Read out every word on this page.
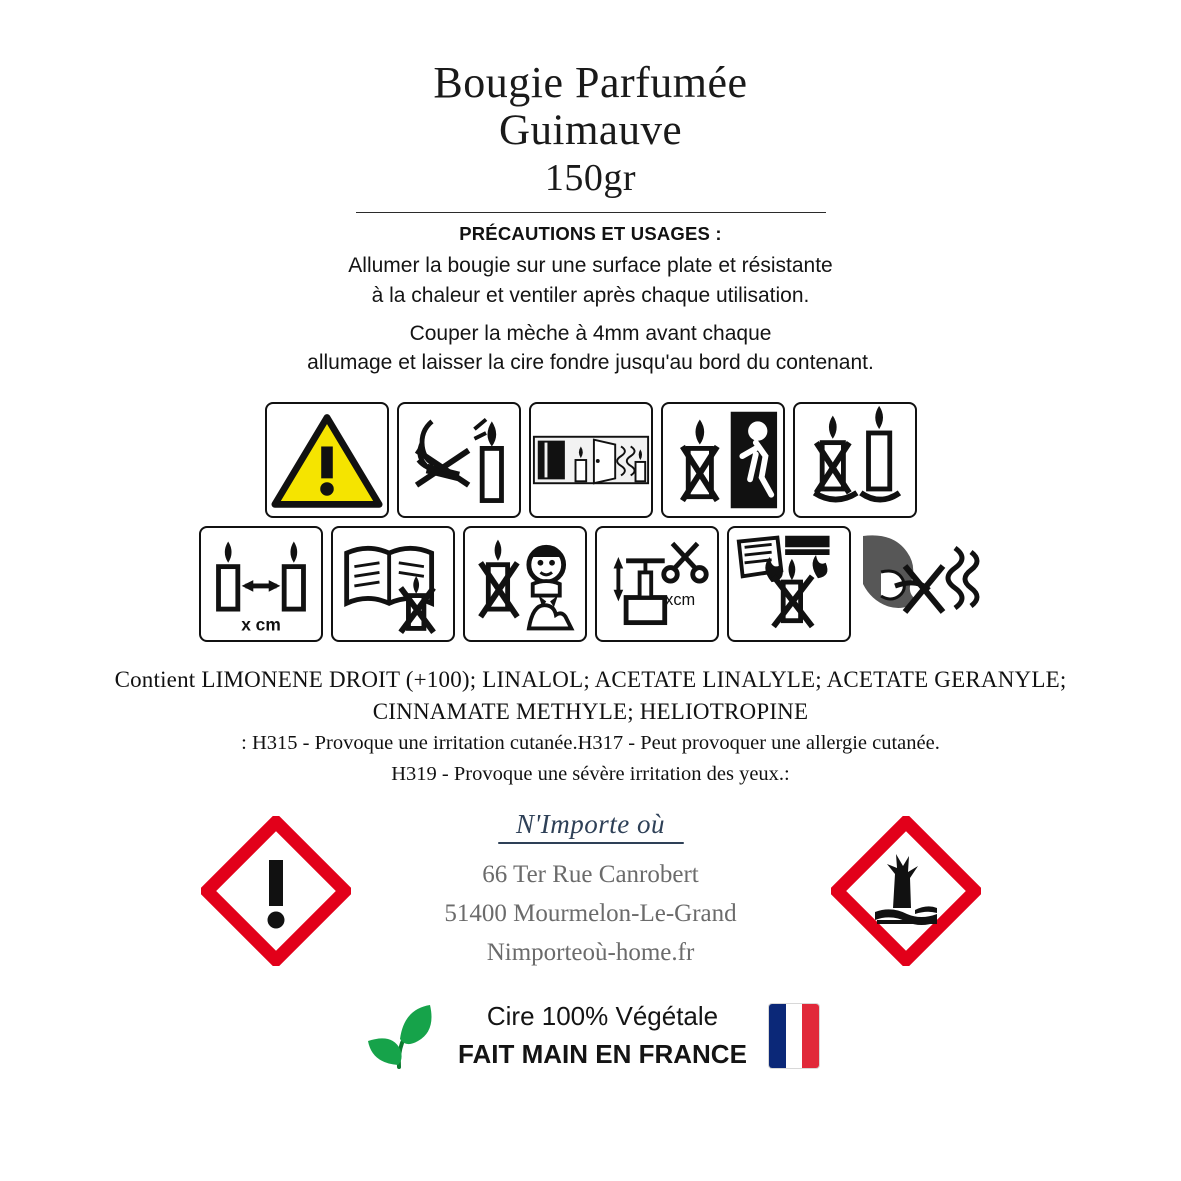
Bougie Parfumée
Guimauve
150gr
PRÉCAUTIONS ET USAGES :
Allumer la bougie sur une surface plate et résistante
à la chaleur et ventiler après chaque utilisation.
Couper la mèche à 4mm avant chaque
allumage et laisser la cire fondre jusqu'au bord du contenant.
x cm
xcm
Contient LIMONENE DROIT (+100); LINALOL; ACETATE LINALYLE; ACETATE GERANYLE;
CINNAMATE METHYLE; HELIOTROPINE
: H315 - Provoque une irritation cutanée.H317 - Peut provoquer une allergie cutanée.
H319 - Provoque une sévère irritation des yeux.:
N'Importe où
66 Ter Rue Canrobert
51400 Mourmelon-Le-Grand
Nimporteoù-home.fr
Cire 100% Végétale
FAIT MAIN EN FRANCE
